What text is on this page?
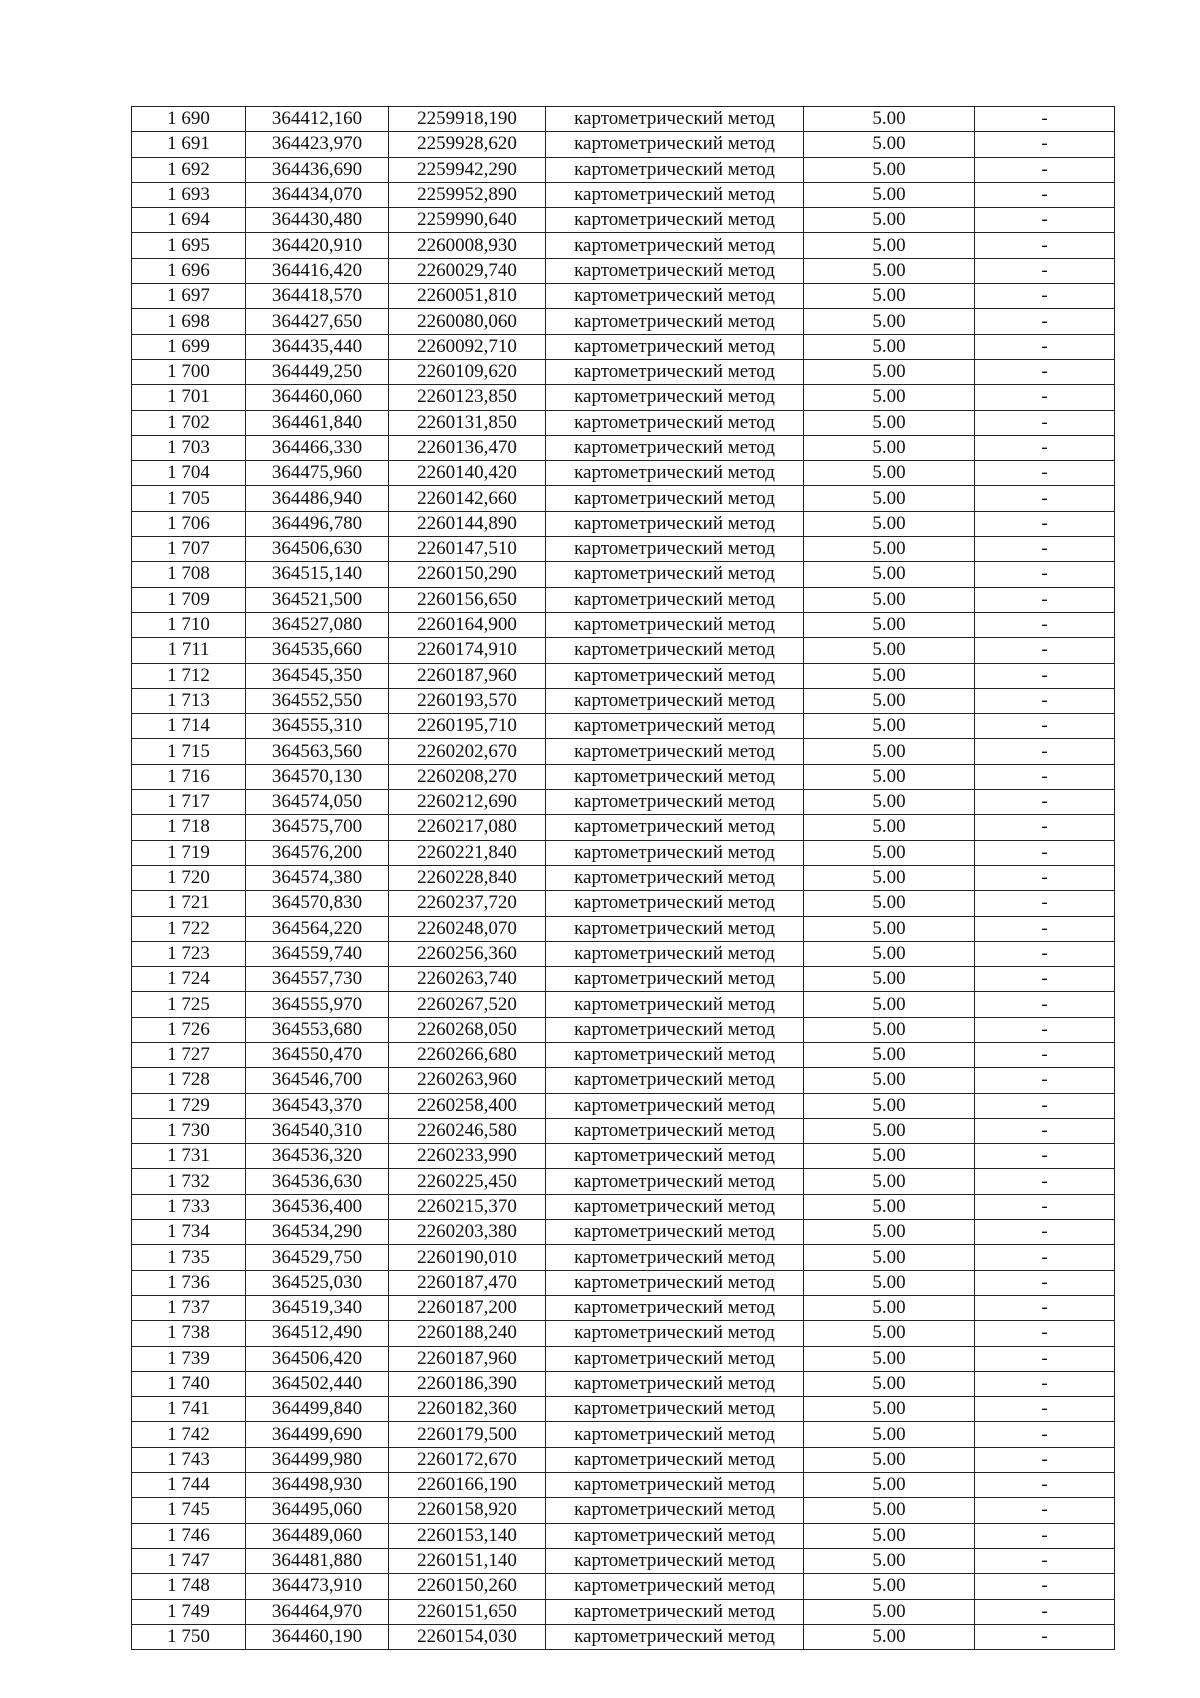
1 690	364412,160	2259918,190	картометрический метод	5.00	-
1 691	364423,970	2259928,620	картометрический метод	5.00	-
1 692	364436,690	2259942,290	картометрический метод	5.00	-
1 693	364434,070	2259952,890	картометрический метод	5.00	-
1 694	364430,480	2259990,640	картометрический метод	5.00	-
1 695	364420,910	2260008,930	картометрический метод	5.00	-
1 696	364416,420	2260029,740	картометрический метод	5.00	-
1 697	364418,570	2260051,810	картометрический метод	5.00	-
1 698	364427,650	2260080,060	картометрический метод	5.00	-
1 699	364435,440	2260092,710	картометрический метод	5.00	-
1 700	364449,250	2260109,620	картометрический метод	5.00	-
1 701	364460,060	2260123,850	картометрический метод	5.00	-
1 702	364461,840	2260131,850	картометрический метод	5.00	-
1 703	364466,330	2260136,470	картометрический метод	5.00	-
1 704	364475,960	2260140,420	картометрический метод	5.00	-
1 705	364486,940	2260142,660	картометрический метод	5.00	-
1 706	364496,780	2260144,890	картометрический метод	5.00	-
1 707	364506,630	2260147,510	картометрический метод	5.00	-
1 708	364515,140	2260150,290	картометрический метод	5.00	-
1 709	364521,500	2260156,650	картометрический метод	5.00	-
1 710	364527,080	2260164,900	картометрический метод	5.00	-
1 711	364535,660	2260174,910	картометрический метод	5.00	-
1 712	364545,350	2260187,960	картометрический метод	5.00	-
1 713	364552,550	2260193,570	картометрический метод	5.00	-
1 714	364555,310	2260195,710	картометрический метод	5.00	-
1 715	364563,560	2260202,670	картометрический метод	5.00	-
1 716	364570,130	2260208,270	картометрический метод	5.00	-
1 717	364574,050	2260212,690	картометрический метод	5.00	-
1 718	364575,700	2260217,080	картометрический метод	5.00	-
1 719	364576,200	2260221,840	картометрический метод	5.00	-
1 720	364574,380	2260228,840	картометрический метод	5.00	-
1 721	364570,830	2260237,720	картометрический метод	5.00	-
1 722	364564,220	2260248,070	картометрический метод	5.00	-
1 723	364559,740	2260256,360	картометрический метод	5.00	-
1 724	364557,730	2260263,740	картометрический метод	5.00	-
1 725	364555,970	2260267,520	картометрический метод	5.00	-
1 726	364553,680	2260268,050	картометрический метод	5.00	-
1 727	364550,470	2260266,680	картометрический метод	5.00	-
1 728	364546,700	2260263,960	картометрический метод	5.00	-
1 729	364543,370	2260258,400	картометрический метод	5.00	-
1 730	364540,310	2260246,580	картометрический метод	5.00	-
1 731	364536,320	2260233,990	картометрический метод	5.00	-
1 732	364536,630	2260225,450	картометрический метод	5.00	-
1 733	364536,400	2260215,370	картометрический метод	5.00	-
1 734	364534,290	2260203,380	картометрический метод	5.00	-
1 735	364529,750	2260190,010	картометрический метод	5.00	-
1 736	364525,030	2260187,470	картометрический метод	5.00	-
1 737	364519,340	2260187,200	картометрический метод	5.00	-
1 738	364512,490	2260188,240	картометрический метод	5.00	-
1 739	364506,420	2260187,960	картометрический метод	5.00	-
1 740	364502,440	2260186,390	картометрический метод	5.00	-
1 741	364499,840	2260182,360	картометрический метод	5.00	-
1 742	364499,690	2260179,500	картометрический метод	5.00	-
1 743	364499,980	2260172,670	картометрический метод	5.00	-
1 744	364498,930	2260166,190	картометрический метод	5.00	-
1 745	364495,060	2260158,920	картометрический метод	5.00	-
1 746	364489,060	2260153,140	картометрический метод	5.00	-
1 747	364481,880	2260151,140	картометрический метод	5.00	-
1 748	364473,910	2260150,260	картометрический метод	5.00	-
1 749	364464,970	2260151,650	картометрический метод	5.00	-
1 750	364460,190	2260154,030	картометрический метод	5.00	-
